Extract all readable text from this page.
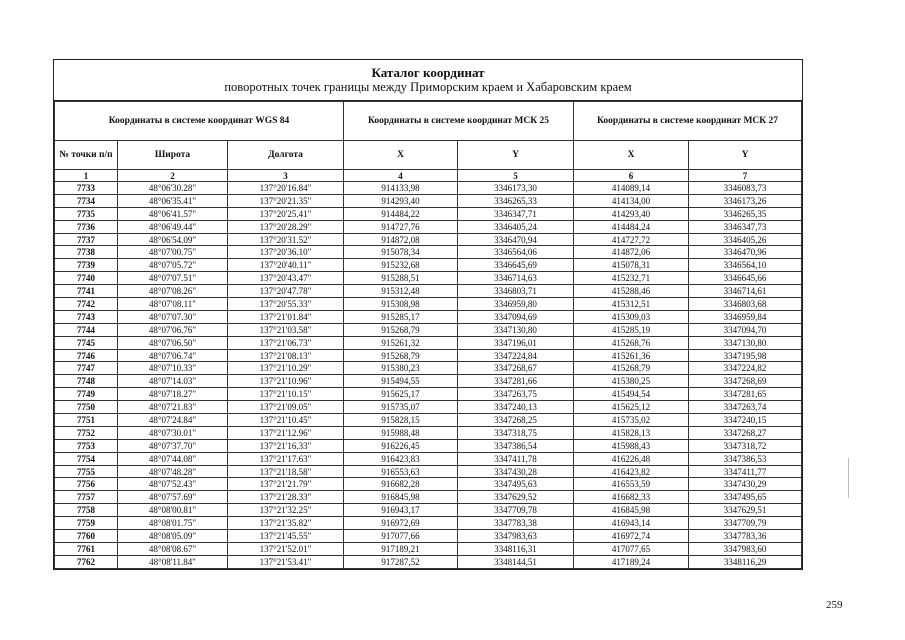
Каталог координат
поворотных точек границы между Приморским краем и Хабаровским краем
Координаты в системе координат WGS 84			Координаты в системе координат МСК 25		Координаты в системе координат МСК 27	
№ точки п/п	Широта	Долгота	X	Y	X	Y
1	2	3	4	5	6	7
7733	48°06'30.28"	137°20'16.84"	914133,98	3346173,30	414089,14	3346083,73
7734	48°06'35.41"	137°20'21.35"	914293,40	3346265,33	414134,00	3346173,26
7735	48°06'41.57"	137°20'25.41"	914484,22	3346347,71	414293,40	3346265,35
7736	48°06'49.44"	137°20'28.29"	914727,76	3346405,24	414484,24	3346347,73
7737	48°06'54.09"	137°20'31.52"	914872,08	3346470,94	414727,72	3346405,26
7738	48°07'00.75"	137°20'36.10"	915078,34	3346564,06	414872,06	3346470,96
7739	48°07'05.72"	137°20'40.11"	915232,68	3346645,69	415078,31	3346564,10
7740	48°07'07.51"	137°20'43.47"	915288,51	3346714,63	415232,71	3346645,66
7741	48°07'08.26"	137°20'47.78"	915312,48	3346803,71	415288,46	3346714,61
7742	48°07'08.11"	137°20'55.33"	915308,98	3346959,80	415312,51	3346803,68
7743	48°07'07.30"	137°21'01.84"	915285,17	3347094,69	415309,03	3346959,84
7744	48°07'06.76"	137°21'03.58"	915268,79	3347130,80	415285,19	3347094,70
7745	48°07'06.50"	137°21'06.73"	915261,32	3347196,01	415268,76	3347130,80
7746	48°07'06.74"	137°21'08.13"	915268,79	3347224,84	415261,36	3347195,98
7747	48°07'10.33"	137°21'10.29"	915380,23	3347268,67	415268,79	3347224,82
7748	48°07'14.03"	137°21'10.96"	915494,55	3347281,66	415380,25	3347268,69
7749	48°07'18.27"	137°21'10.15"	915625,17	3347263,75	415494,54	3347281,65
7750	48°07'21.83"	137°21'09.05"	915735,07	3347240,13	415625,12	3347263,74
7751	48°07'24.84"	137°21'10.45"	915828,15	3347268,25	415735,02	3347240,15
7752	48°07'30.01"	137°21'12.96"	915988,48	3347318,75	415828,13	3347268,27
7753	48°07'37.70"	137°21'16.33"	916226,45	3347386,54	415988,43	3347318,72
7754	48°07'44.08"	137°21'17.63"	916423,83	3347411,78	416226,48	3347386,53
7755	48°07'48.28"	137°21'18.58"	916553,63	3347430,28	416423,82	3347411,77
7756	48°07'52.43"	137°21'21.79"	916682,28	3347495,63	416553,59	3347430,29
7757	48°07'57.69"	137°21'28.33"	916845,98	3347629,52	416682,33	3347495,65
7758	48°08'00.81"	137°21'32.25"	916943,17	3347709,78	416845,98	3347629,51
7759	48°08'01.75"	137°21'35.82"	916972,69	3347783,38	416943,14	3347709,79
7760	48°08'05.09"	137°21'45.55"	917077,66	3347983,63	416972,74	3347783,36
7761	48°08'08.67"	137°21'52.01"	917189,21	3348116,31	417077,65	3347983,60
7762	48°08'11.84"	137°21'53.41"	917287,52	3348144,51	417189,24	3348116,29
259
